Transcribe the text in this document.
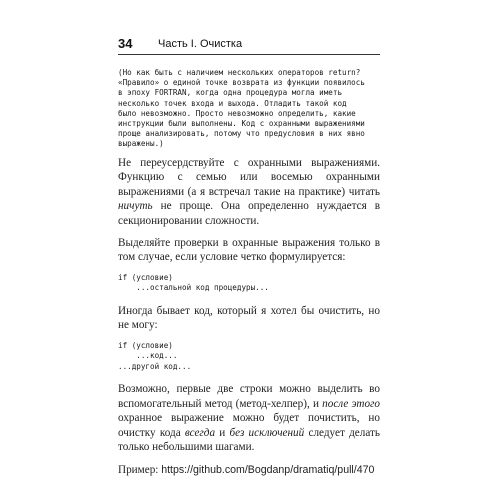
34 Часть I. Очистка
(Но как быть с наличием нескольких операторов return?
«Правило» о единой точке возврата из функции появилось
в эпоху FORTRAN, когда одна процедура могла иметь
несколько точек входа и выхода. Отладить такой код
было невозможно. Просто невозможно определить, какие
инструкции были выполнены. Код с охранными выражениями
проще анализировать, потому что предусловия в них явно
выражены.)

Не переусердствуйте с охранными выражениями. Функцию с семью или восемью охранными выражениями (а я встречал такие на практике) читать ничуть не проще. Она определенно нуждается в секционировании сложности.

Выделяйте проверки в охранные выражения только в том случае, если условие четко формулируется:

if (условие)
...остальной код процедуры...

Иногда бывает код, который я хотел бы очистить, но не могу:

if (условие)
...код...
...другой код...

Возможно, первые две строки можно выделить во вспомогательный метод (метод-хелпер), и после этого охранное выражение можно будет почистить, но очистку кода всегда и без исключений следует делать только небольшими шагами.

Пример: https://github.com/Bogdanp/dramatiq/pull/470
